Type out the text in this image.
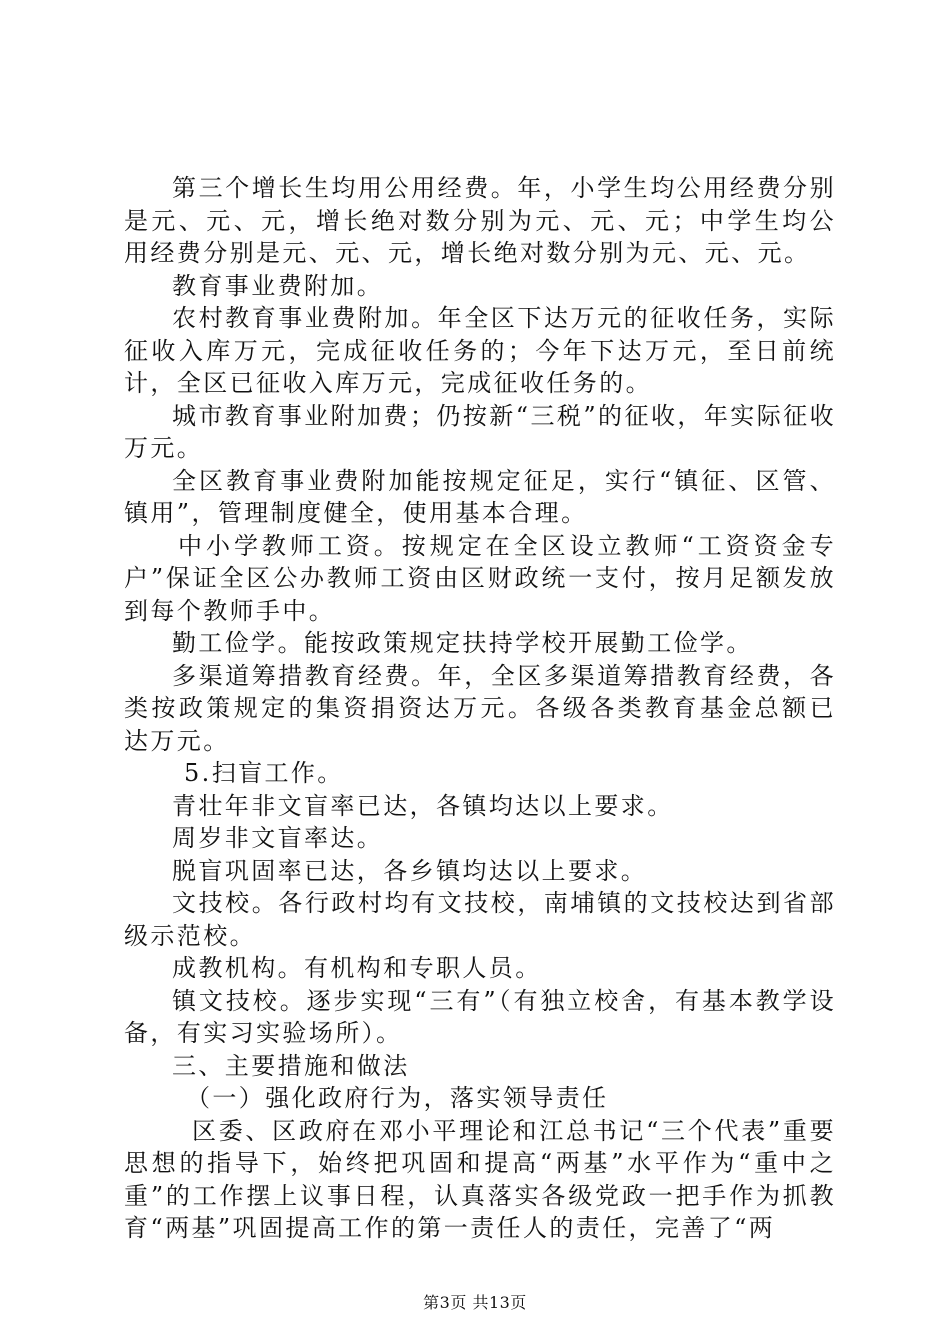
第三个增长生均用公用经费。年，小学生均公用经费分别是元、元、元，增长绝对数分别为元、元、元；中学生均公用经费分别是元、元、元，增长绝对数分别为元、元、元。

教育事业费附加。

农村教育事业费附加。年全区下达万元的征收任务，实际征收入库万元，完成征收任务的；今年下达万元，至日前统计，全区已征收入库万元，完成征收任务的。

城市教育事业附加费；仍按新“三税”的征收，年实际征收万元。

全区教育事业费附加能按规定征足，实行“镇征、区管、镇用”，管理制度健全，使用基本合理。

中小学教师工资。按规定在全区设立教师“工资资金专户”保证全区公办教师工资由区财政统一支付，按月足额发放到每个教师手中。

勤工俭学。能按政策规定扶持学校开展勤工俭学。

多渠道筹措教育经费。年，全区多渠道筹措教育经费，各类按政策规定的集资捐资达万元。各级各类教育基金总额已达万元。

5.扫盲工作。

青壮年非文盲率已达，各镇均达以上要求。

周岁非文盲率达。

脱盲巩固率已达，各乡镇均达以上要求。

文技校。各行政村均有文技校，南埔镇的文技校达到省部级示范校。

成教机构。有机构和专职人员。

镇文技校。逐步实现“三有”（有独立校舍，有基本教学设备，有实习实验场所）。

三、主要措施和做法

（一）强化政府行为，落实领导责任

区委、区政府在邓小平理论和江总书记“三个代表”重要思想的指导下，始终把巩固和提高“两基”水平作为“重中之重”的工作摆上议事日程，认真落实各级党政一把手作为抓教育“两基”巩固提高工作的第一责任人的责任，完善了“两

第3页 共13页
